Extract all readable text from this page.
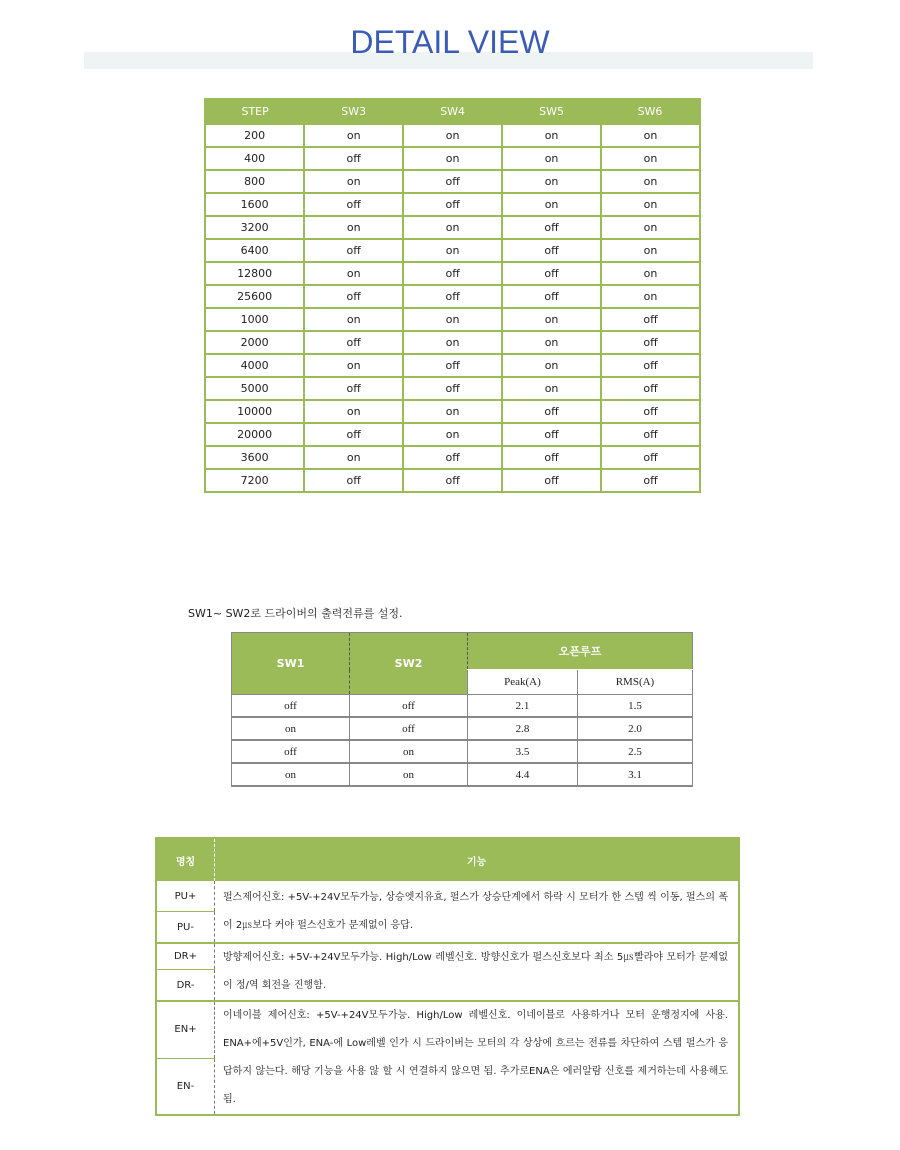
DETAIL VIEW
STEP	SW3	SW4	SW5	SW6
200	on	on	on	on
400	off	on	on	on
800	on	off	on	on
1600	off	off	on	on
3200	on	on	off	on
6400	off	on	off	on
12800	on	off	off	on
25600	off	off	off	on
1000	on	on	on	off
2000	off	on	on	off
4000	on	off	on	off
5000	off	off	on	off
10000	on	on	off	off
20000	off	on	off	off
3600	on	off	off	off
7200	off	off	off	off
SW1~ SW2로 드라이버의 출력전류를 설정.
SW1	SW2	오픈루프	
		Peak(A)	RMS(A)
off	off	2.1	1.5
on	off	2.8	2.0
off	on	3.5	2.5
on	on	4.4	3.1
명칭	기능
PU+	펄스제어신호: +5V-+24V모두가능, 상승엣지유효, 펄스가 상승단계에서 하락 시 모터가 한 스텝 씩 이동, 펄스의 폭이 2㎲보다 커야 펄스신호가 문제없이 응답.
PU-	
DR+	방향제어신호: +5V-+24V모두가능. High/Low 레벨신호. 방향신호가 펄스신호보다 최소 5㎲빨라야 모터가 문제없이 정/역 회전을 진행함.
DR-	
EN+	이네이블 제어신호: +5V-+24V모두가능. High/Low 레벨신호. 이네이블로 사용하거나 모터 운행정지에 사용. ENA+에+5V인가, ENA-에 Low레벨 인가 시 드라이버는 모터의 각 상상에 흐르는 전류를 차단하여 스텝 펄스가 응답하지 않는다. 해당 기능을 사용 않 할 시 연결하지 않으면 됨. 추가로ENA은 에러알람 신호를 제거하는데 사용해도 됨.
EN-	
